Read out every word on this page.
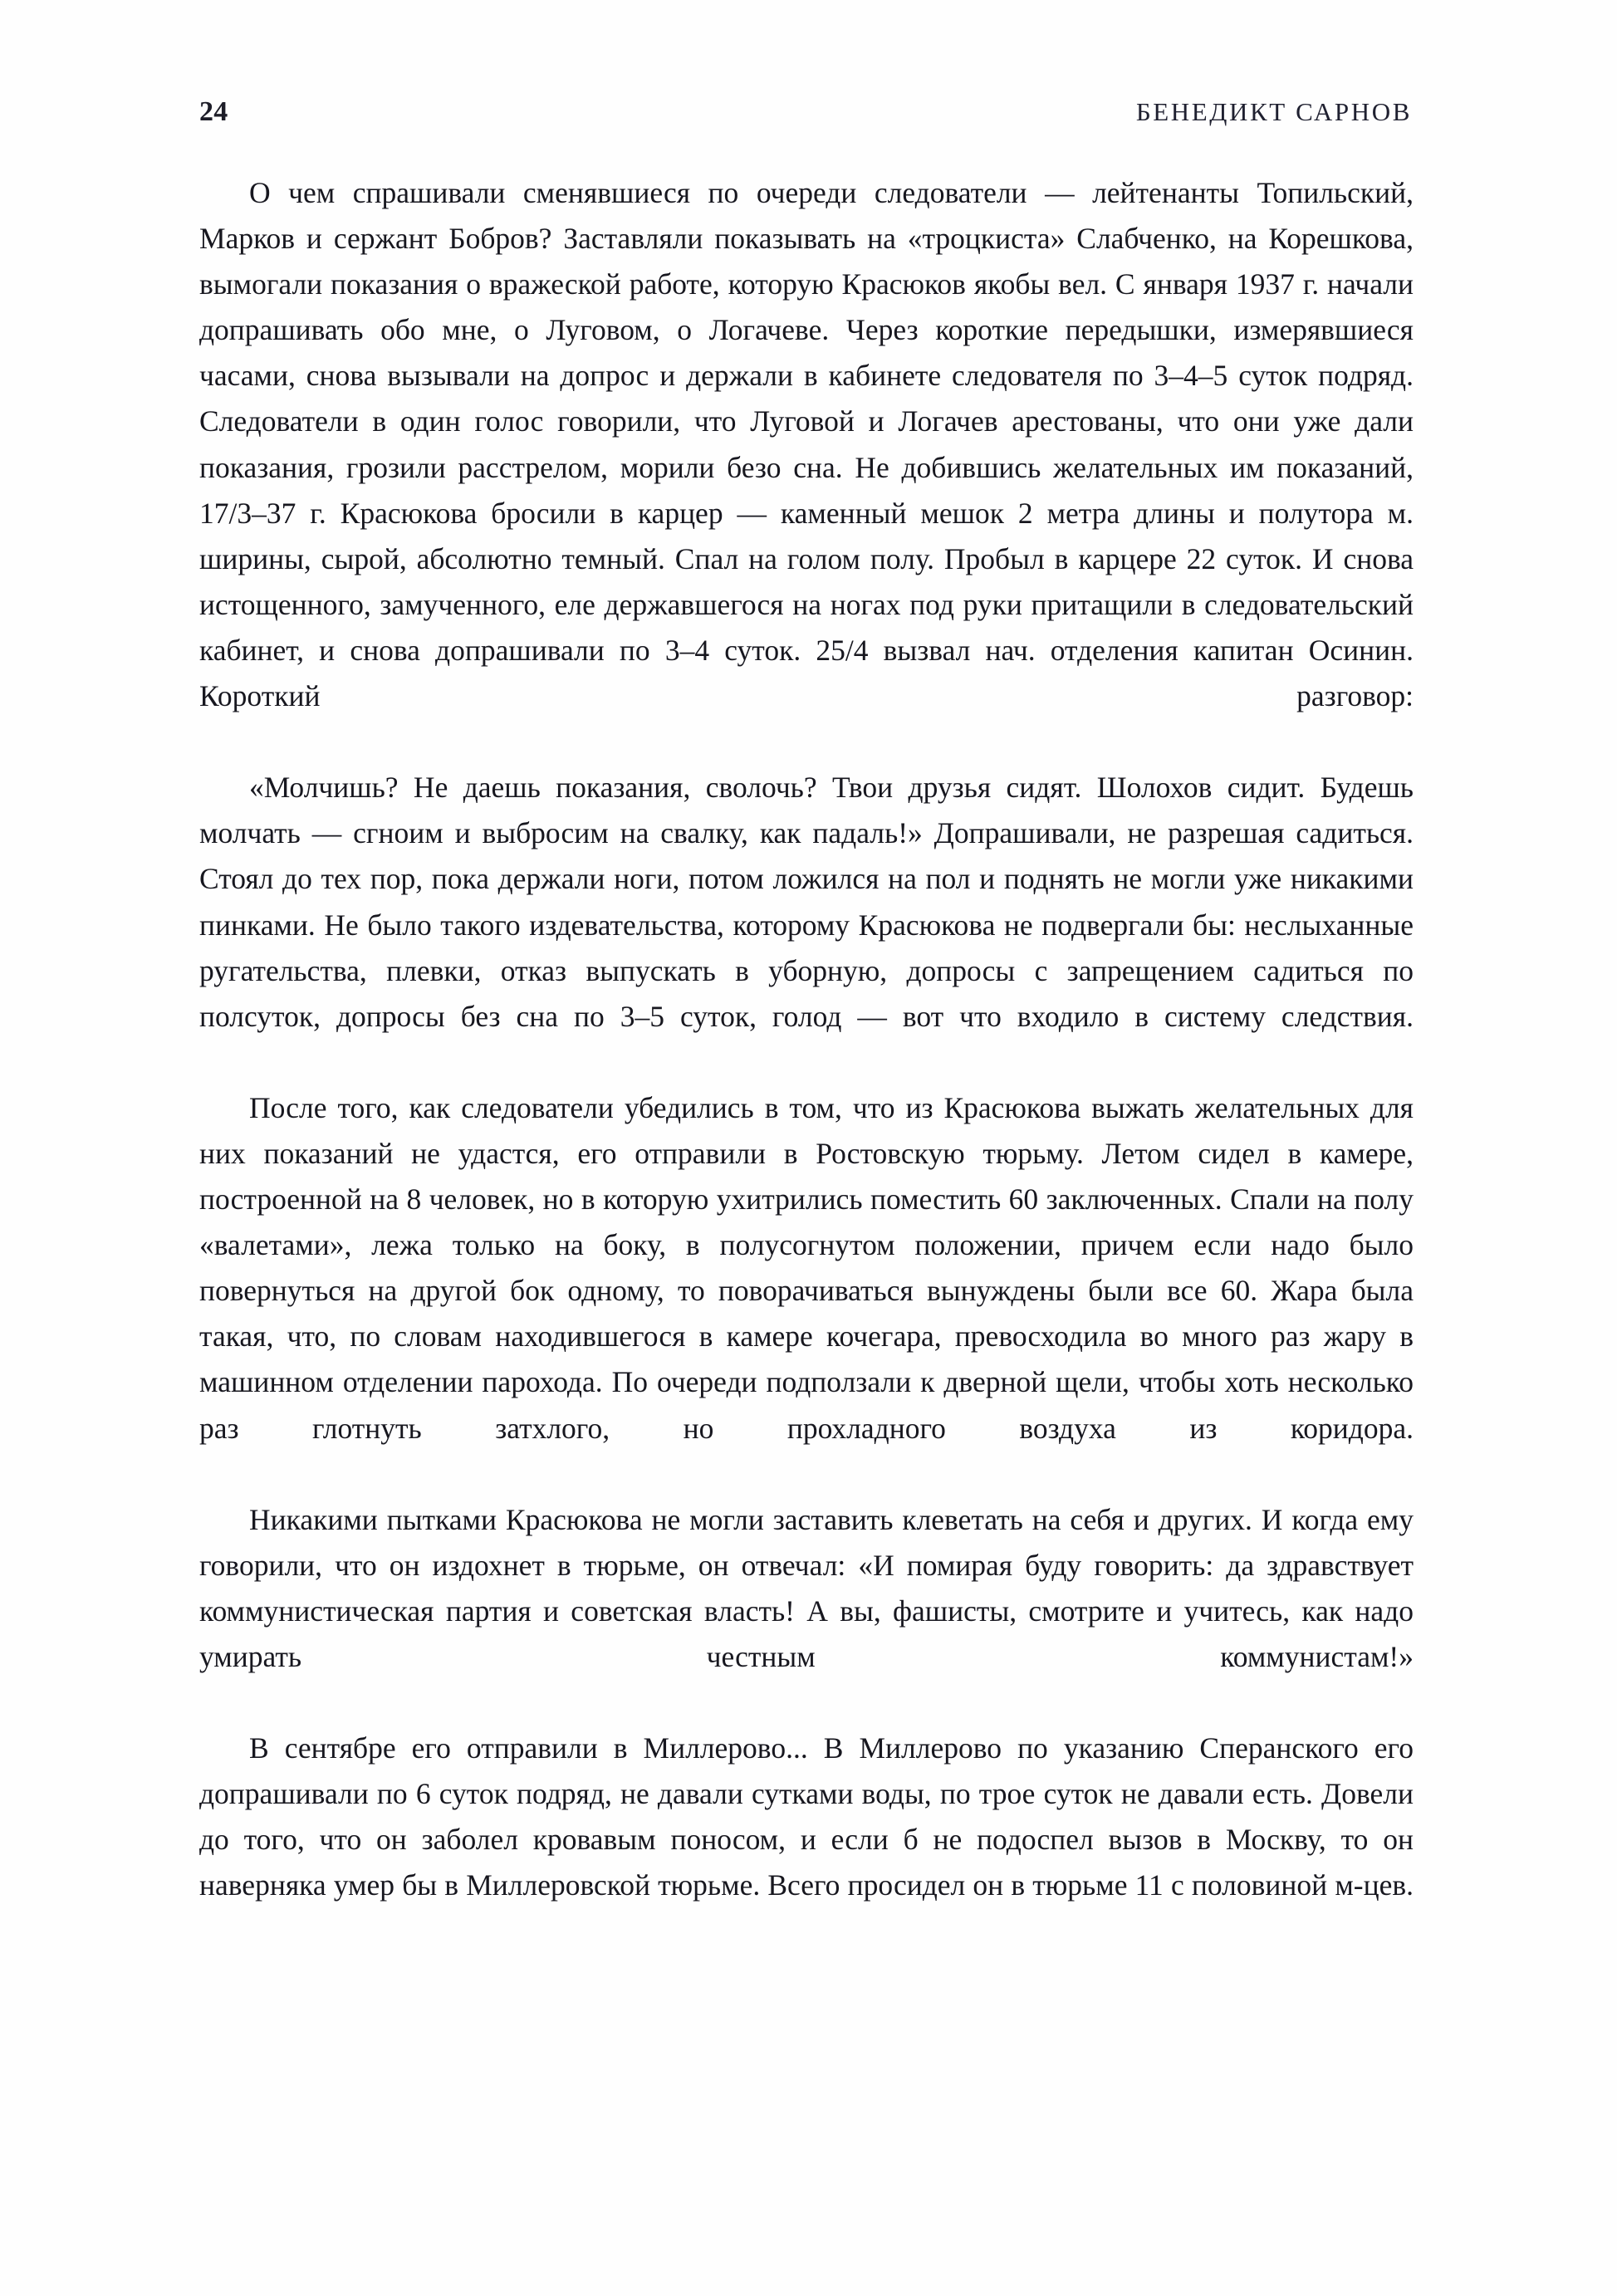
24	БЕНЕДИКТ САРНОВ

О чем спрашивали сменявшиеся по очереди следователи — лейтенанты Топильский, Марков и сержант Бобров? Заставляли показывать на «троцкиста» Слабченко, на Корешкова, вымогали показания о вражеской работе, которую Красюков якобы вел. С января 1937 г. начали допрашивать обо мне, о Луговом, о Логачеве. Через короткие передышки, измерявшиеся часами, снова вызывали на допрос и держали в кабинете следователя по 3–4–5 суток подряд. Следователи в один голос говорили, что Луговой и Логачев арестованы, что они уже дали показания, грозили расстрелом, морили безо сна. Не добившись желательных им показаний, 17/3–37 г. Красюкова бросили в карцер — каменный мешок 2 метра длины и полутора м. ширины, сырой, абсолютно темный. Спал на голом полу. Пробыл в карцере 22 суток. И снова истощенного, замученного, еле державшегося на ногах под руки притащили в следовательский кабинет, и снова допрашивали по 3–4 суток. 25/4 вызвал нач. отделения капитан Осинин. Короткий разговор:

«Молчишь? Не даешь показания, сволочь? Твои друзья сидят. Шолохов сидит. Будешь молчать — сгноим и выбросим на свалку, как падаль!» Допрашивали, не разрешая садиться. Стоял до тех пор, пока держали ноги, потом ложился на пол и поднять не могли уже никакими пинками. Не было такого издевательства, которому Красюкова не подвергали бы: неслыханные ругательства, плевки, отказ выпускать в уборную, допросы с запрещением садиться по полсуток, допросы без сна по 3–5 суток, голод — вот что входило в систему следствия.

После того, как следователи убедились в том, что из Красюкова выжать желательных для них показаний не удастся, его отправили в Ростовскую тюрьму. Летом сидел в камере, построенной на 8 человек, но в которую ухитрились поместить 60 заключенных. Спали на полу «валетами», лежа только на боку, в полусогнутом положении, причем если надо было повернуться на другой бок одному, то поворачиваться вынуждены были все 60. Жара была такая, что, по словам находившегося в камере кочегара, превосходила во много раз жару в машинном отделении парохода. По очереди подползали к дверной щели, чтобы хоть несколько раз глотнуть затхлого, но прохладного воздуха из коридора.

Никакими пытками Красюкова не могли заставить клеветать на себя и других. И когда ему говорили, что он издохнет в тюрьме, он отвечал: «И помирая буду говорить: да здравствует коммунистическая партия и советская власть! А вы, фашисты, смотрите и учитесь, как надо умирать честным коммунистам!»

В сентябре его отправили в Миллерово... В Миллерово по указанию Сперанского его допрашивали по 6 суток подряд, не давали сутками воды, по трое суток не давали есть. Довели до того, что он заболел кровавым поносом, и если б не подоспел вызов в Москву, то он наверняка умер бы в Миллеровской тюрьме. Всего просидел он в тюрьме 11 с половиной м-цев.
